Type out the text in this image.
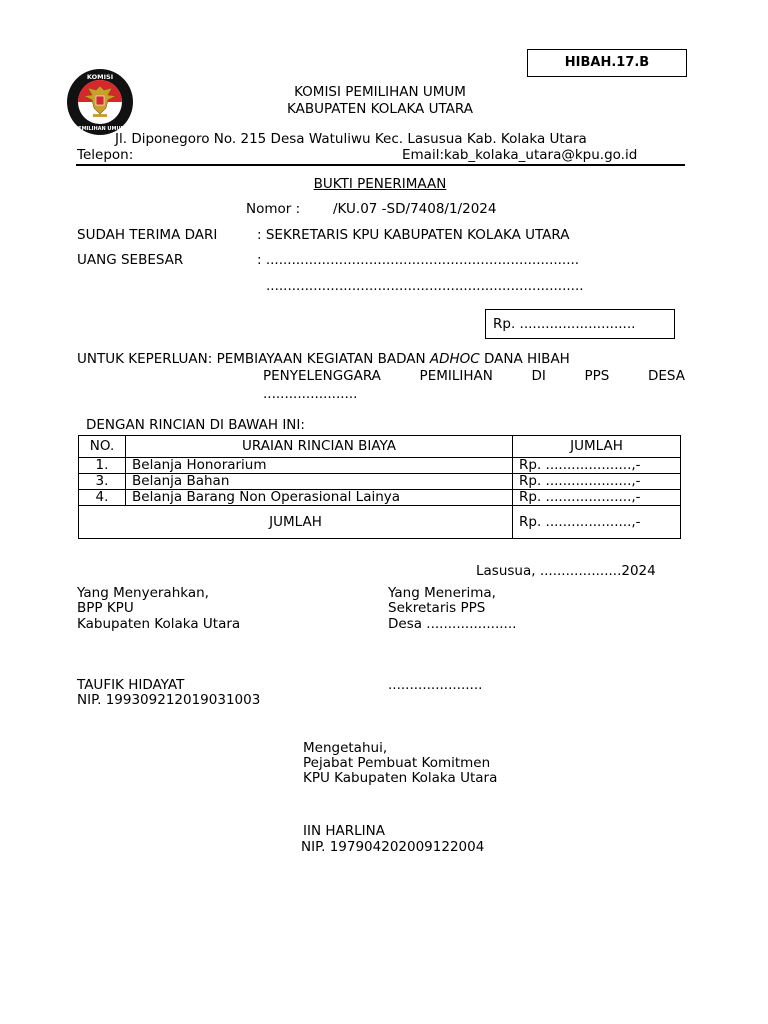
HIBAH.17.B
KOMISI
PEMILIHAN UMUM
KOMISI PEMILIHAN UMUM
KABUPATEN KOLAKA UTARA
Jl. Diponegoro No. 215 Desa Watuliwu Kec. Lasusua Kab. Kolaka Utara
Telepon:	Email:kab_kolaka_utara@kpu.go.id
BUKTI PENERIMAAN
Nomor : /KU.07 -SD/7408/1/2024
SUDAH TERIMA DARI	: SEKRETARIS KPU KABUPATEN KOLAKA UTARA
UANG SEBESAR	: .........................................................................
..........................................................................
Rp. ...........................
UNTUK KEPERLUAN: PEMBIAYAAN KEGIATAN BADAN ADHOC DANA HIBAH
PENYELENGGARA	PEMILIHAN	DI	PPS	DESA
......................
DENGAN RINCIAN DI BAWAH INI:
NO.	URAIAN RINCIAN BIAYA	JUMLAH
1.	Belanja Honorarium	Rp. ....................,-
3.	Belanja Bahan	Rp. ....................,-
4.	Belanja Barang Non Operasional Lainya	Rp. ....................,-
JUMLAH		Rp. ....................,-
Lasusua, ...................2024
Yang Menyerahkan,
BPP KPU
Kabupaten Kolaka Utara
TAUFIK HIDAYAT
NIP. 199309212019031003
Yang Menerima,
Sekretaris PPS
Desa .....................
......................
Mengetahui,
Pejabat Pembuat Komitmen
KPU Kabupaten Kolaka Utara
IIN HARLINA
NIP. 197904202009122004
